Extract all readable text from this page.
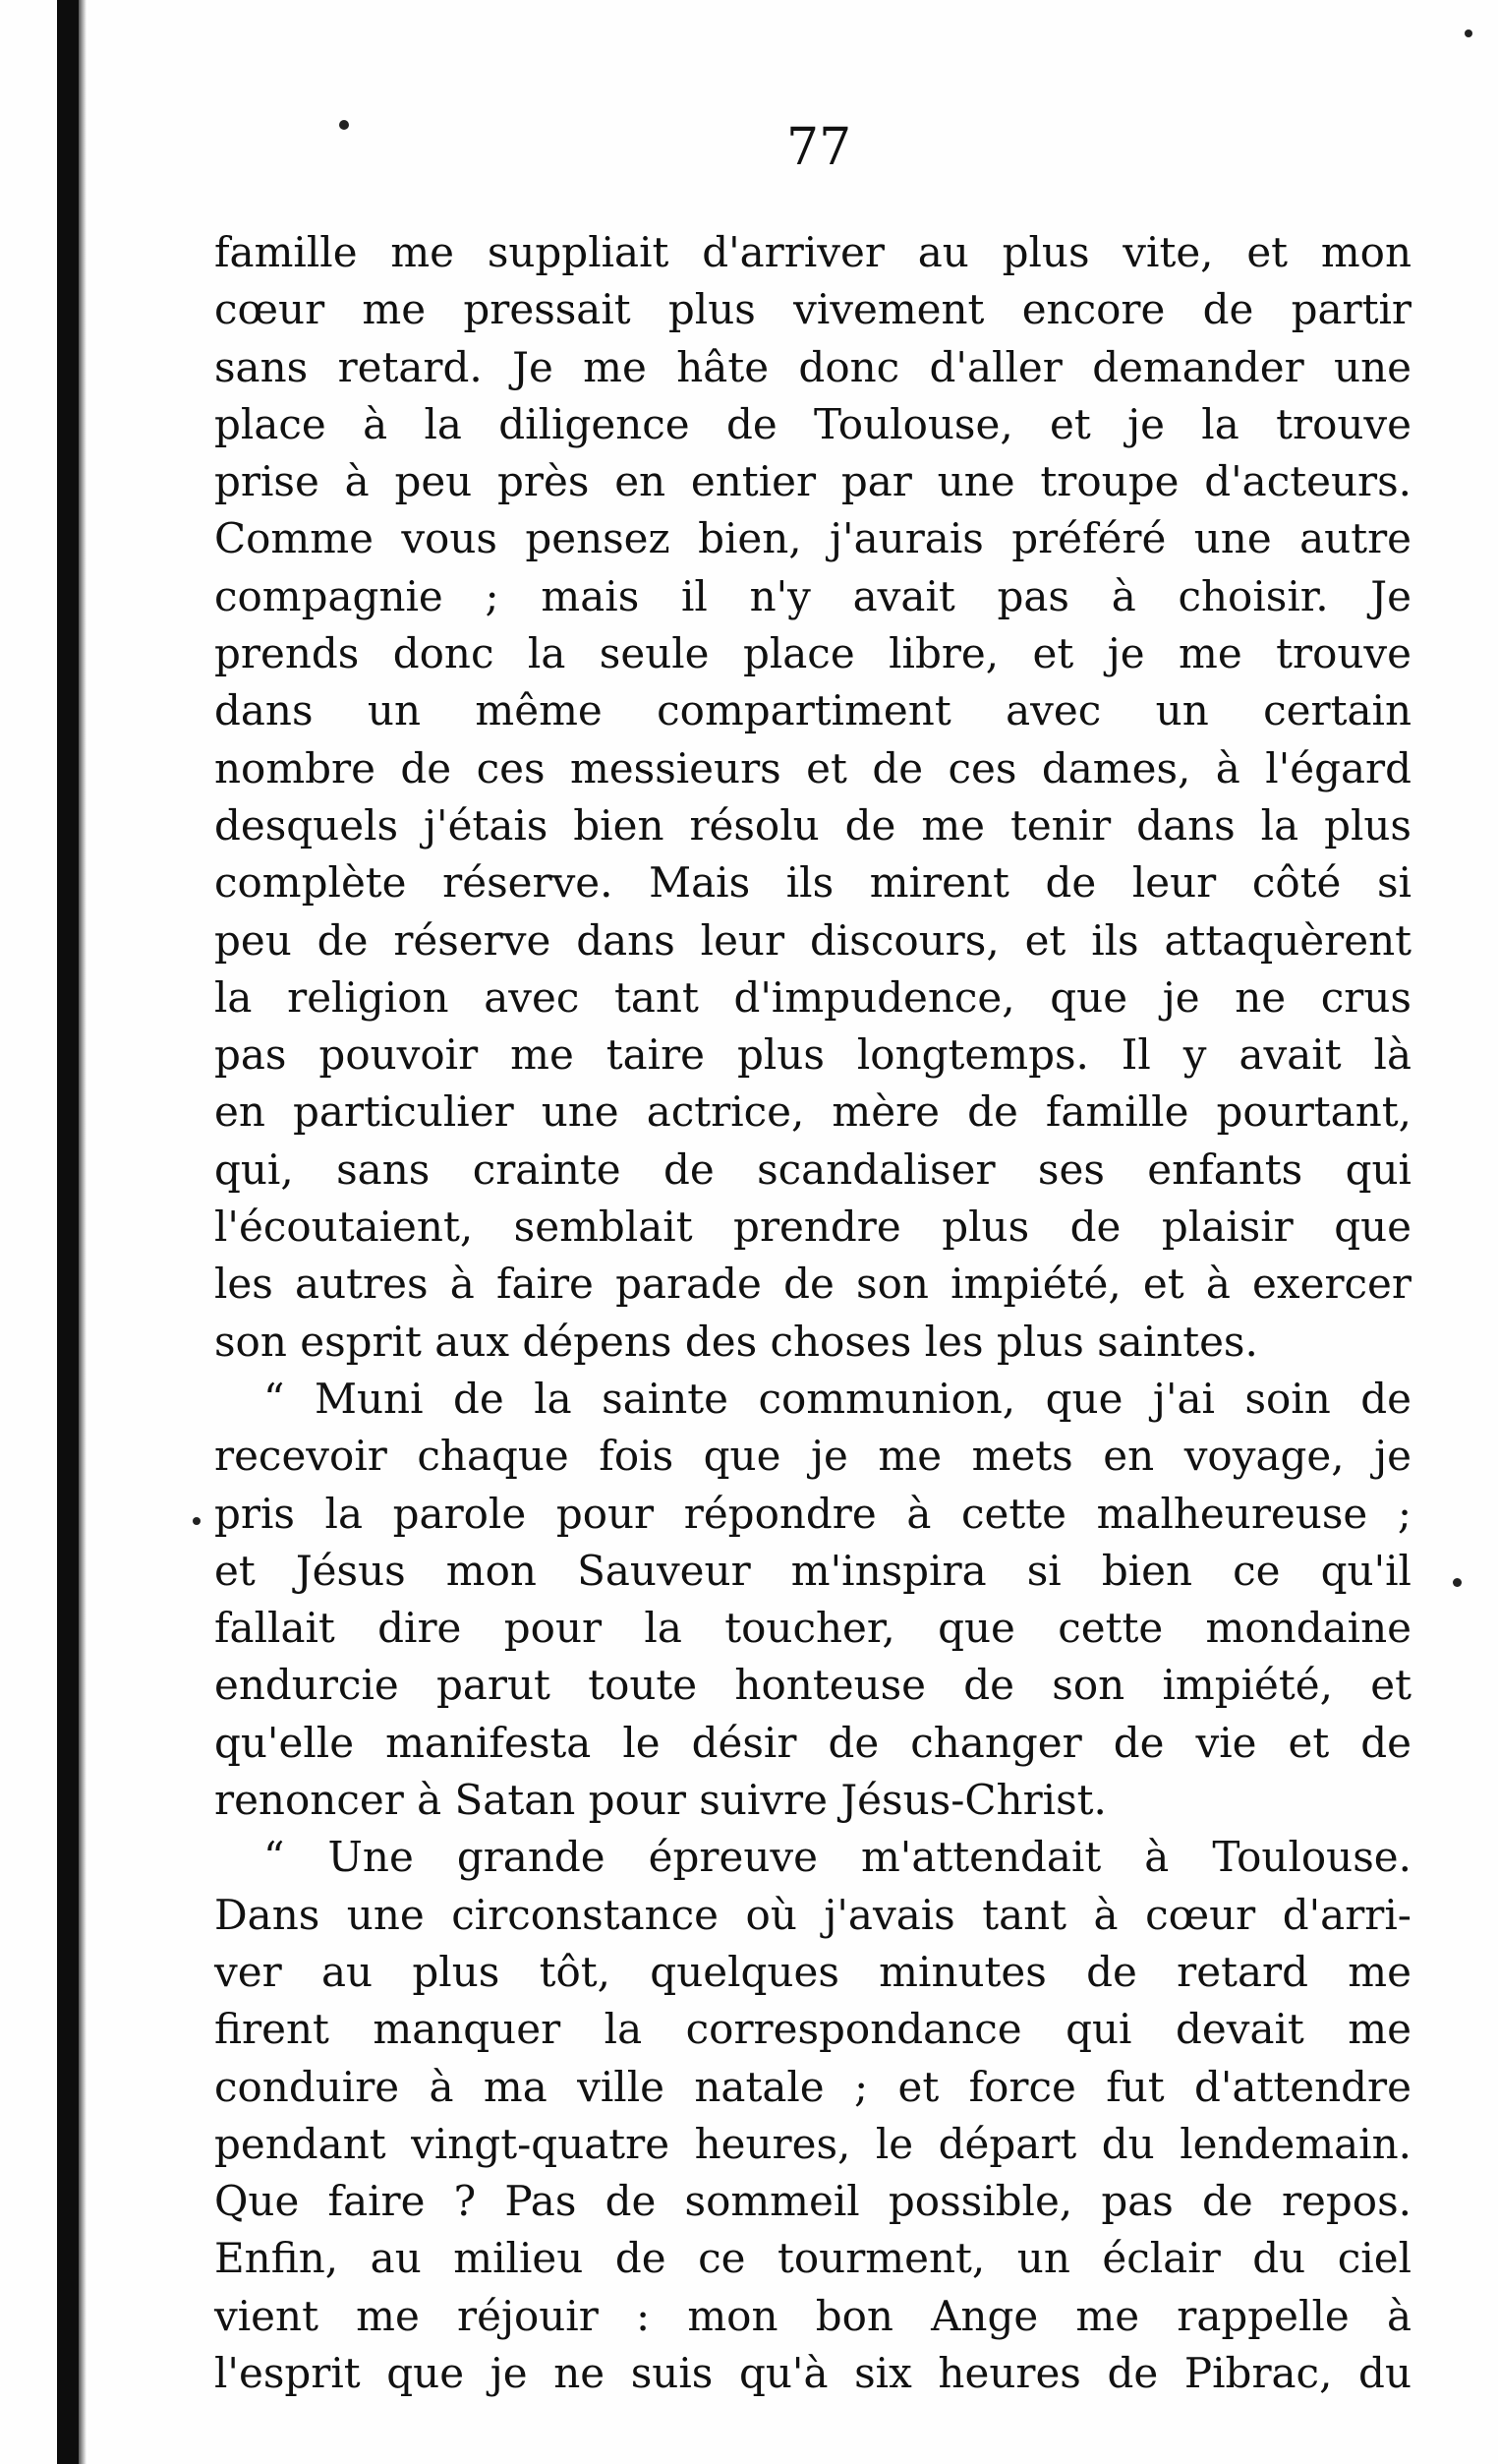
77
famille me suppliait d'arriver au plus vite, et mon
cœur me pressait plus vivement encore de partir
sans retard. Je me hâte donc d'aller demander une
place à la diligence de Toulouse, et je la trouve
prise à peu près en entier par une troupe d'acteurs.
Comme vous pensez bien, j'aurais préféré une autre
compagnie ; mais il n'y avait pas à choisir. Je
prends donc la seule place libre, et je me trouve
dans un même compartiment avec un certain
nombre de ces messieurs et de ces dames, à l'égard
desquels j'étais bien résolu de me tenir dans la plus
complète réserve. Mais ils mirent de leur côté si
peu de réserve dans leur discours, et ils attaquèrent
la religion avec tant d'impudence, que je ne crus
pas pouvoir me taire plus longtemps. Il y avait là
en particulier une actrice, mère de famille pourtant,
qui, sans crainte de scandaliser ses enfants qui
l'écoutaient, semblait prendre plus de plaisir que
les autres à faire parade de son impiété, et à exercer
son esprit aux dépens des choses les plus saintes.
“ Muni de la sainte communion, que j'ai soin de
recevoir chaque fois que je me mets en voyage, je
pris la parole pour répondre à cette malheureuse ;
et Jésus mon Sauveur m'inspira si bien ce qu'il
fallait dire pour la toucher, que cette mondaine
endurcie parut toute honteuse de son impiété, et
qu'elle manifesta le désir de changer de vie et de
renoncer à Satan pour suivre Jésus-Christ.
“ Une grande épreuve m'attendait à Toulouse.
Dans une circonstance où j'avais tant à cœur d'arri-
ver au plus tôt, quelques minutes de retard me
firent manquer la correspondance qui devait me
conduire à ma ville natale ; et force fut d'attendre
pendant vingt-quatre heures, le départ du lendemain.
Que faire ? Pas de sommeil possible, pas de repos.
Enfin, au milieu de ce tourment, un éclair du ciel
vient me réjouir : mon bon Ange me rappelle à
l'esprit que je ne suis qu'à six heures de Pibrac, du
